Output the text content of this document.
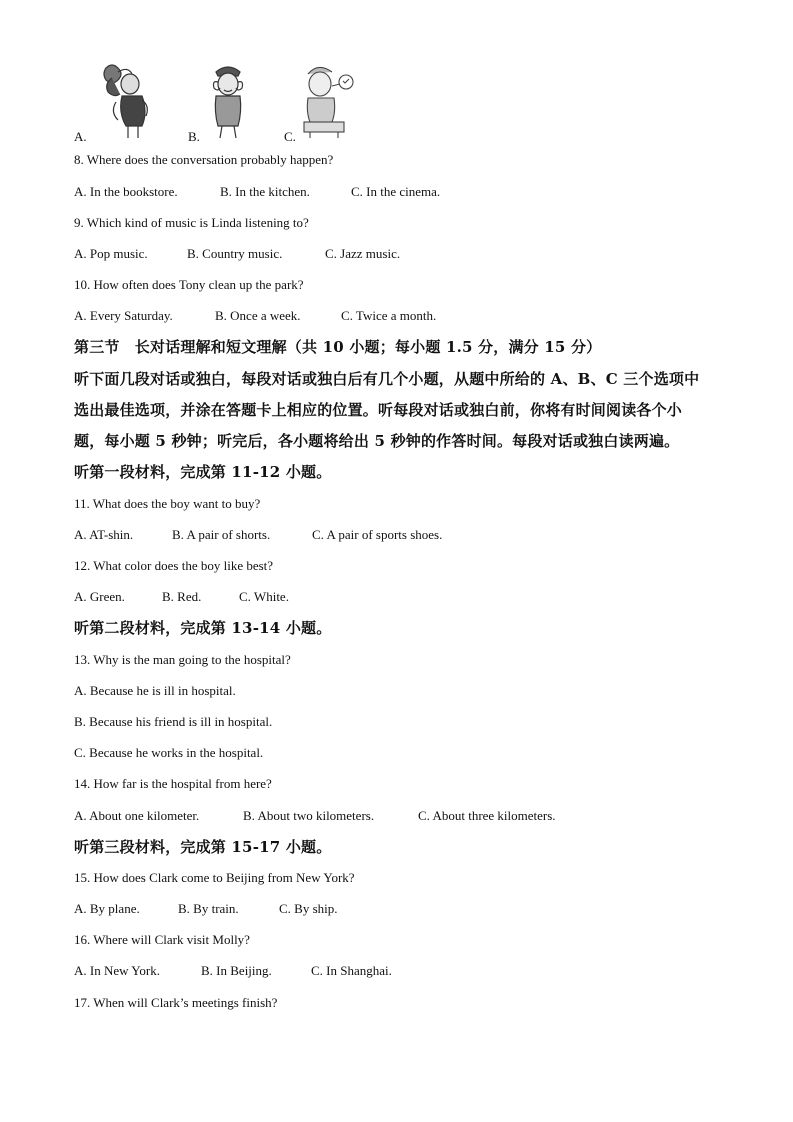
A.	B.	C.
8. Where does the conversation probably happen?
A. In the bookstore.	B. In the kitchen.	C. In the cinema.
9. Which kind of music is Linda listening to?
A. Pop music.	B. Country music.	C. Jazz music.
10. How often does Tony clean up the park?
A. Every Saturday.	B. Once a week.	C. Twice a month.
第三节　长对话理解和短文理解（共 10 小题；每小题 1.5 分，满分 15 分）
听下面几段对话或独白，每段对话或独白后有几个小题，从题中所给的 A、B、C 三个选项中
选出最佳选项，并涂在答题卡上相应的位置。听每段对话或独白前，你将有时间阅读各个小
题，每小题 5 秒钟；听完后，各小题将给出 5 秒钟的作答时间。每段对话或独白读两遍。
听第一段材料，完成第 11-12 小题。
11. What does the boy want to buy?
A. AT-shin.	B. A pair of shorts.	C. A pair of sports shoes.
12. What color does the boy like best?
A. Green.	B. Red.	C. White.
听第二段材料，完成第 13-14 小题。
13. Why is the man going to the hospital?
A. Because he is ill in hospital.
B. Because his friend is ill in hospital.
C. Because he works in the hospital.
14. How far is the hospital from here?
A. About one kilometer.	B. About two kilometers.	C. About three kilometers.
听第三段材料，完成第 15-17 小题。
15. How does Clark come to Beijing from New York?
A. By plane.	B. By train.	C. By ship.
16. Where will Clark visit Molly?
A. In New York.	B. In Beijing.	C. In Shanghai.
17. When will Clark’s meetings finish?
